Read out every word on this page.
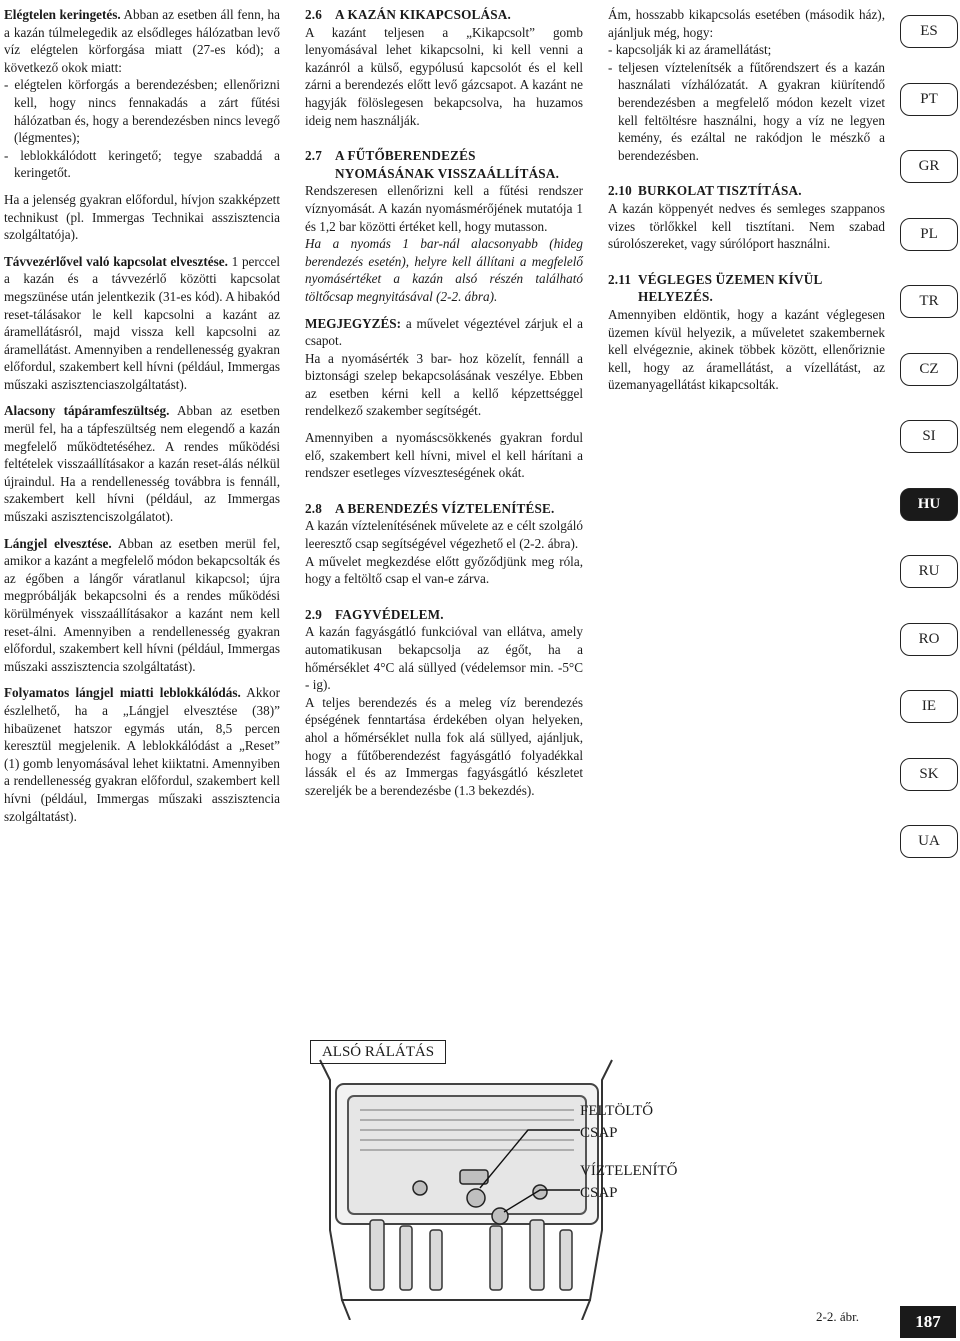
Elégtelen keringetés. Abban az esetben áll fenn, ha a kazán túlmelegedik az elsődleges hálózatban levő víz elégtelen körforgása miatt (27-es kód); a következő okok miatt:

- elégtelen körforgás a berendezésben; ellenőrizni kell, hogy nincs fennakadás a zárt fűtési hálózatban és, hogy a berendezésben nincs levegő (légmentes);

- leblokkálódott keringető; tegye szabaddá a keringetőt.

Ha a jelenség gyakran előfordul, hívjon szakképzett technikust (pl. Immergas Technikai asszisztencia szolgáltatója).

Távvezérlővel való kapcsolat elvesztése. 1 perccel a kazán és a távvezérlő közötti kapcsolat megszünése után jelentkezik (31-es kód). A hibakód reset-tálásakor le kell kapcsolni a kazánt az áramellátásról, majd vissza kell kapcsolni az áramellátást. Amennyiben a rendellenesség gyakran előfordul, szakembert kell hívni (például, Immergas műszaki aszisztenciaszolgáltatást).

Alacsony tápáramfeszültség. Abban az esetben merül fel, ha a tápfeszültség nem elegendő a kazán megfelelő működtetéséhez. A rendes működési feltételek visszaállításakor a kazán reset-álás nélkül újraindul. Ha a rendellenesség továbbra is fennáll, szakembert kell hívni (például, az Immergas műszaki aszisztenciszolgálatot).

Lángjel elvesztése. Abban az esetben merül fel, amikor a kazánt a megfelelő módon bekapcsolták és az égőben a lángőr váratlanul kikapcsol; újra megpróbálják bekapcsolni és a rendes működési körülmények visszaállításakor a kazánt nem kell reset-álni. Amennyiben a rendellenesség gyakran előfordul, szakembert kell hívni (például, Immergas műszaki asszisztencia szolgáltatást).

Folyamatos lángjel miatti leblokkálódás. Akkor észlelhető, ha a „Lángjel elvesztése (38)” hibaüzenet hatszor egymás után, 8,5 percen keresztül megjelenik. A leblokkálódást a „Reset” (1) gomb lenyomásával lehet kiiktatni. Amennyiben a rendellenesség gyakran előfordul, szakembert kell hívni (például, Immergas műszaki asszisztencia szolgáltatást).

2.6 A KAZÁN KIKAPCSOLÁSA.

A kazánt teljesen a „Kikapcsolt” gomb lenyomásával lehet kikapcsolni, ki kell venni a kazánról a külső, egypólusú kapcsolót és el kell zárni a berendezés előtt levő gázcsapot. A kazánt ne hagyják fölöslegesen bekapcsolva, ha huzamos ideig nem használják.

2.7 A FŰTŐBERENDEZÉS
NYOMÁSÁNAK VISSZAÁLLÍTÁSA.

Rendszeresen ellenőrizni kell a fűtési rendszer víznyomását. A kazán nyomásmérőjének mutatója 1 és 1,2 bar közötti értéket kell, hogy mutasson.

Ha a nyomás 1 bar-nál alacsonyabb (hideg berendezés esetén), helyre kell állítani a megfelelő nyomásértéket a kazán alsó részén található töltőcsap megnyitásával (2-2. ábra).

MEGJEGYZÉS: a művelet végeztével zárjuk el a csapot.

Ha a nyomásérték 3 bar- hoz közelít, fennáll a biztonsági szelep bekapcsolásának veszélye. Ebben az esetben kérni kell a kellő képzettséggel rendelkező szakember segítségét.

Amennyiben a nyomáscsökkenés gyakran fordul elő, szakembert kell hívni, mivel el kell hárítani a rendszer esetleges vízveszteségének okát.

2.8 A BERENDEZÉS VÍZTELENÍTÉSE.

A kazán víztelenítésének művelete az e célt szolgáló leeresztő csap segítségével végezhető el (2-2. ábra).

A művelet megkezdése előtt győződjünk meg róla, hogy a feltöltő csap el van-e zárva.

2.9 FAGYVÉDELEM.

A kazán fagyásgátló funkcióval van ellátva, amely automatikusan bekapcsolja az égőt, ha a hőmérséklet 4°C alá süllyed (védelemsor min. -5°C - ig).

A teljes berendezés és a meleg víz berendezés épségének fenntartása érdekében olyan helyeken, ahol a hőmérséklet nulla fok alá süllyed, ajánljuk, hogy a fűtőberendezést fagyásgátló folyadékkal lássák el és az Immergas fagyásgátló készletet szereljék be a berendezésbe (1.3 bekezdés).

Ám, hosszabb kikapcsolás esetében (második ház), ajánljuk még, hogy:

- kapcsolják ki az áramellátást;

- teljesen víztelenítsék a fűtőrendszert és a kazán használati vízhálózatát. A gyakran kiürítendő berendezésben a megfelelő módon kezelt vizet kell feltöltésre használni, hogy a víz ne legyen kemény, és ezáltal ne rakódjon le mészkő a berendezésben.

2.10 BURKOLAT TISZTÍTÁSA.

A kazán köppenyét nedves és semleges szappanos vizes törlőkkel kell tisztítani. Nem szabad súrolószereket, vagy súrólóport használni.

2.11 VÉGLEGES ÜZEMEN KÍVÜL
HELYEZÉS.

Amennyiben eldöntik, hogy a kazánt véglegesen üzemen kívül helyezik, a műveletet szakembernek kell elvégeznie, akinek többek között, ellenőriznie kell, hogy az áramellátást, a vízellátást, az üzemanyagellátást kikapcsolták.

ES
PT
GR
PL
TR
CZ
SI
HU
RU
RO
IE
SK
UA
ALSÓ RÁLÁTÁS
FELTÖLTŐ
CSAP
VÍZTELENÍTŐ
CSAP
2-2. ábr.	187
